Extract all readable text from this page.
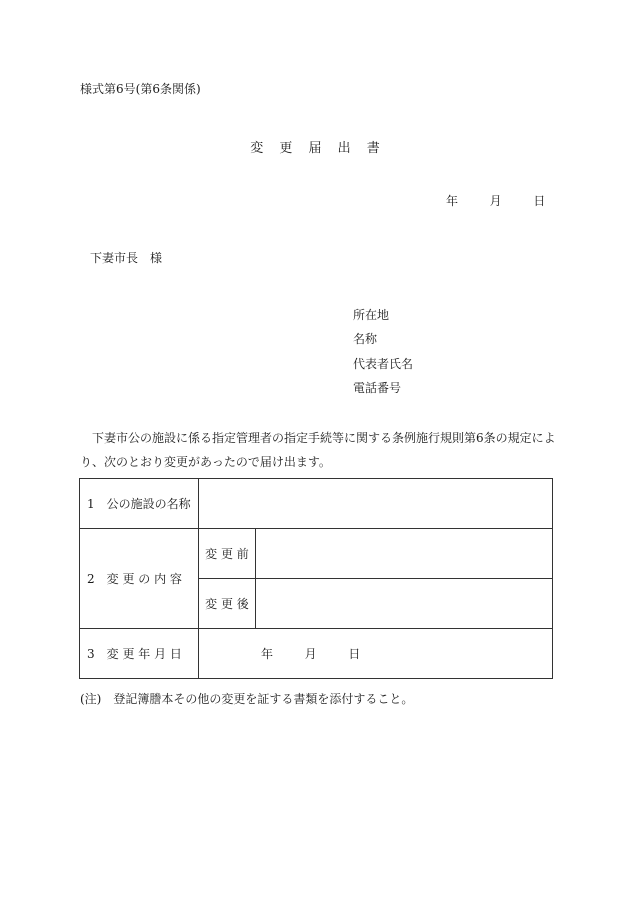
様式第6号(第6条関係)
変 更 届 出 書
年	月	日
下妻市長　様
所在地
名称
代表者氏名
電話番号
下妻市公の施設に係る指定管理者の指定手続等に関する条例施行規則第6条の規定により、次のとおり変更があったので届け出ます。
1　公の施設の名称		
2　変 更 の 内 容	変 更 前	
	変 更 後	
3　変 更 年 月 日	年 月 日	
(注)　登記簿謄本その他の変更を証する書類を添付すること。
